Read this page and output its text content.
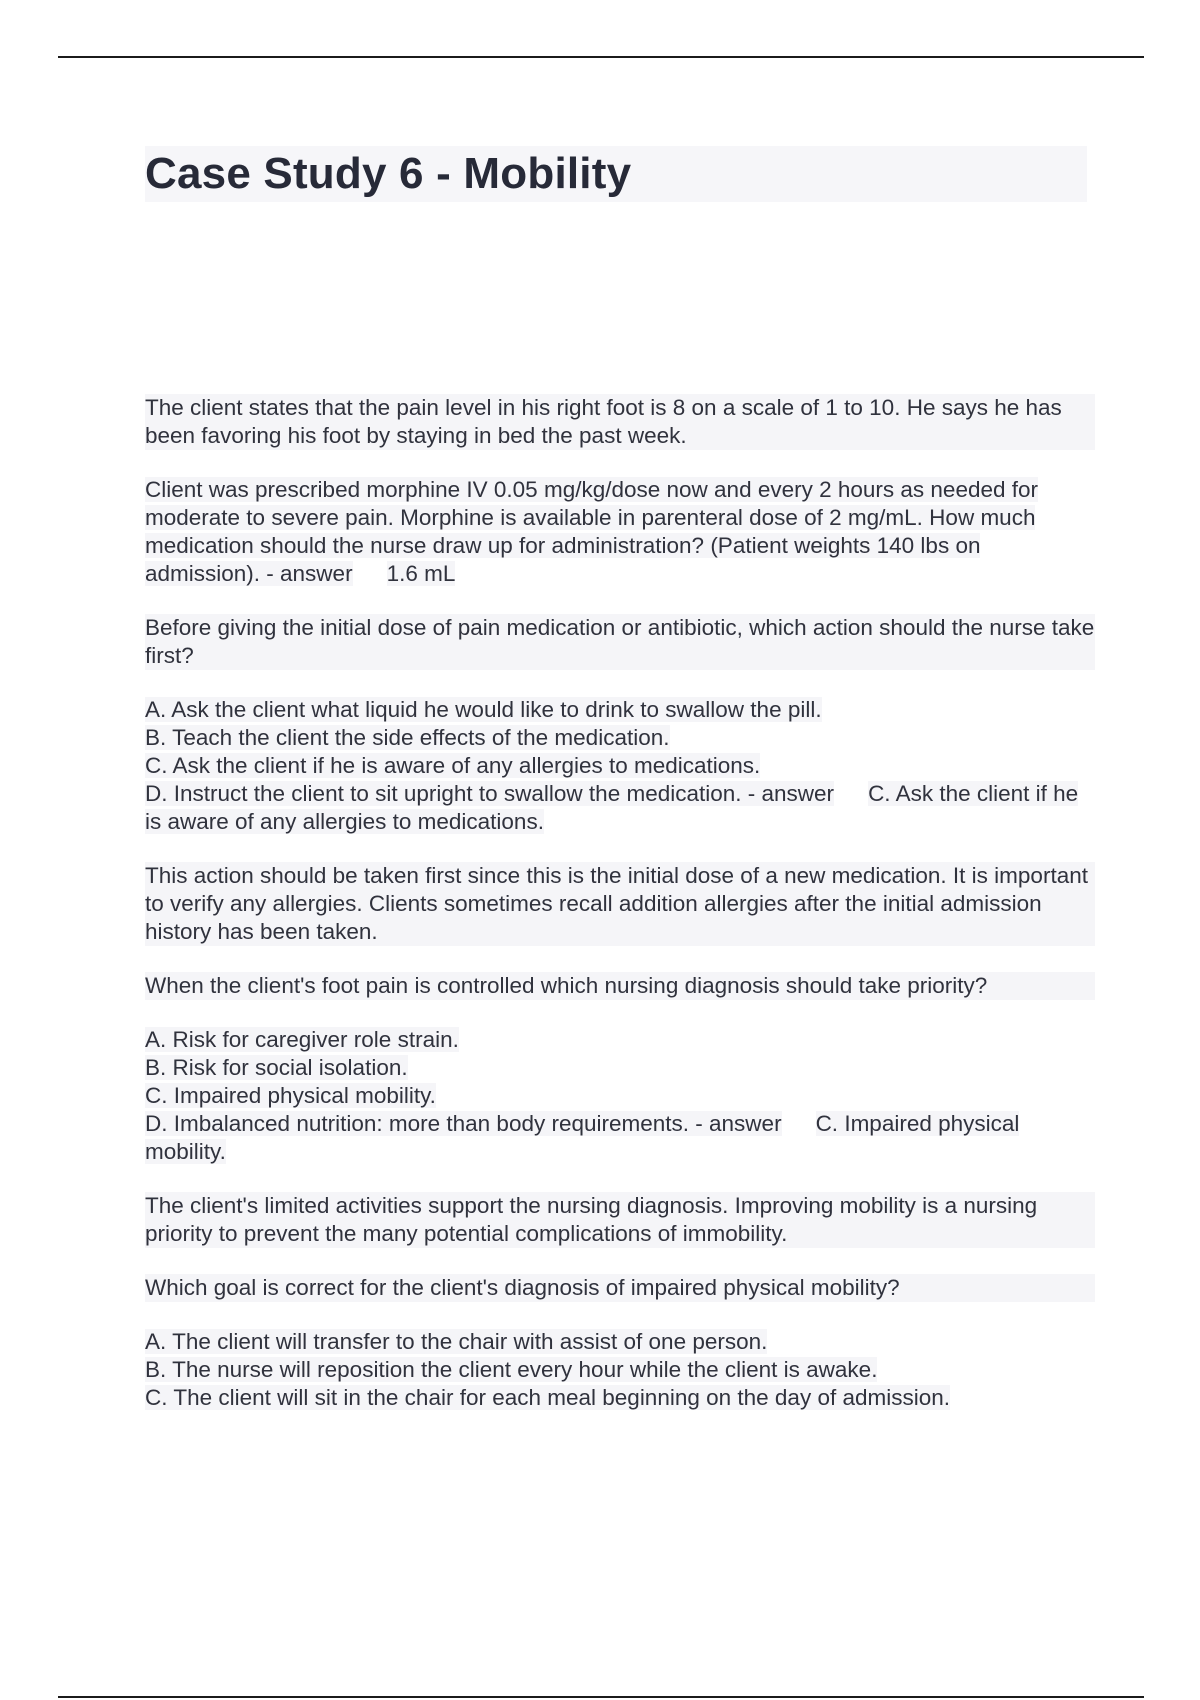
Case Study 6 - Mobility

The client states that the pain level in his right foot is 8 on a scale of 1 to 10. He says he has been favoring his foot by staying in bed the past week.

Client was prescribed morphine IV 0.05 mg/kg/dose now and every 2 hours as needed for moderate to severe pain. Morphine is available in parenteral dose of 2 mg/mL. How much medication should the nurse draw up for administration? (Patient weights 140 lbs on admission). - answer 1.6 mL

Before giving the initial dose of pain medication or antibiotic, which action should the nurse take first?

A. Ask the client what liquid he would like to drink to swallow the pill.
B. Teach the client the side effects of the medication.
C. Ask the client if he is aware of any allergies to medications.
D. Instruct the client to sit upright to swallow the medication. - answer C. Ask the client if he is aware of any allergies to medications.

This action should be taken first since this is the initial dose of a new medication. It is important to verify any allergies. Clients sometimes recall addition allergies after the initial admission history has been taken.

When the client's foot pain is controlled which nursing diagnosis should take priority?

A. Risk for caregiver role strain.
B. Risk for social isolation.
C. Impaired physical mobility.
D. Imbalanced nutrition: more than body requirements. - answer C. Impaired physical mobility.

The client's limited activities support the nursing diagnosis. Improving mobility is a nursing priority to prevent the many potential complications of immobility.

Which goal is correct for the client's diagnosis of impaired physical mobility?

A. The client will transfer to the chair with assist of one person.
B. The nurse will reposition the client every hour while the client is awake.
C. The client will sit in the chair for each meal beginning on the day of admission.
